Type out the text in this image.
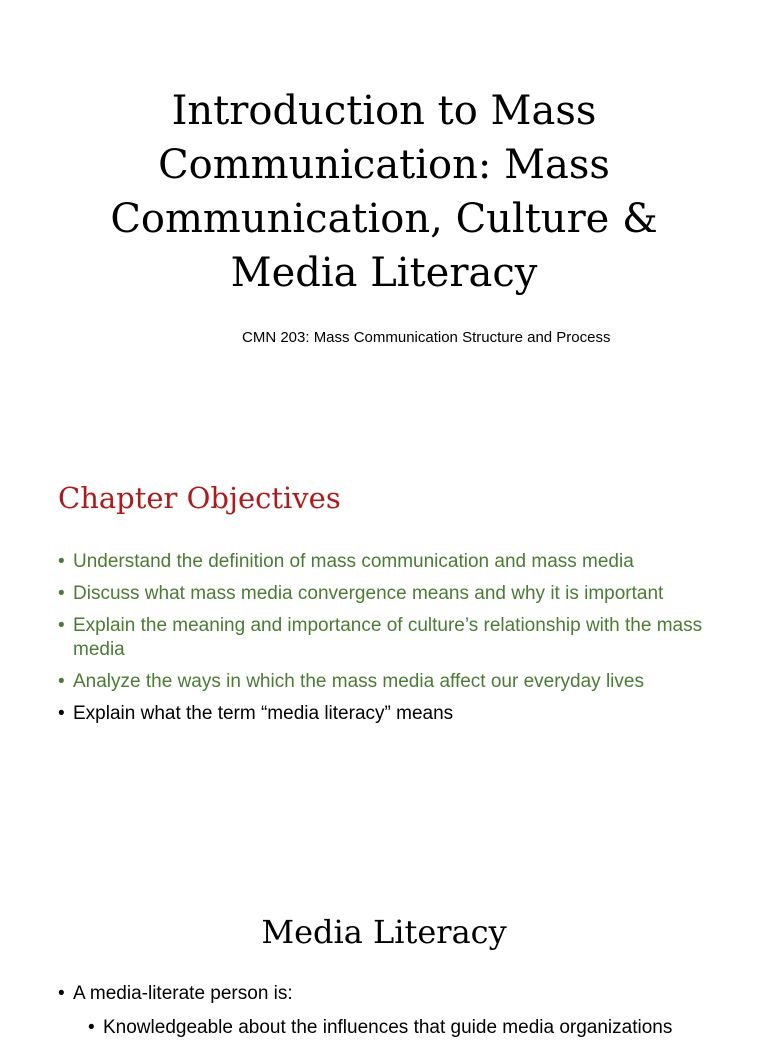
Introduction to Mass
Communication: Mass
Communication, Culture &
Media Literacy
CMN 203: Mass Communication Structure and Process
Chapter Objectives
• Understand the definition of mass communication and mass media
• Discuss what mass media convergence means and why it is important
• Explain the meaning and importance of culture’s relationship with the mass media
• Analyze the ways in which the mass media affect our everyday lives
• Explain what the term “media literacy” means
Media Literacy
• A media-literate person is:
• Knowledgeable about the influences that guide media organizations
